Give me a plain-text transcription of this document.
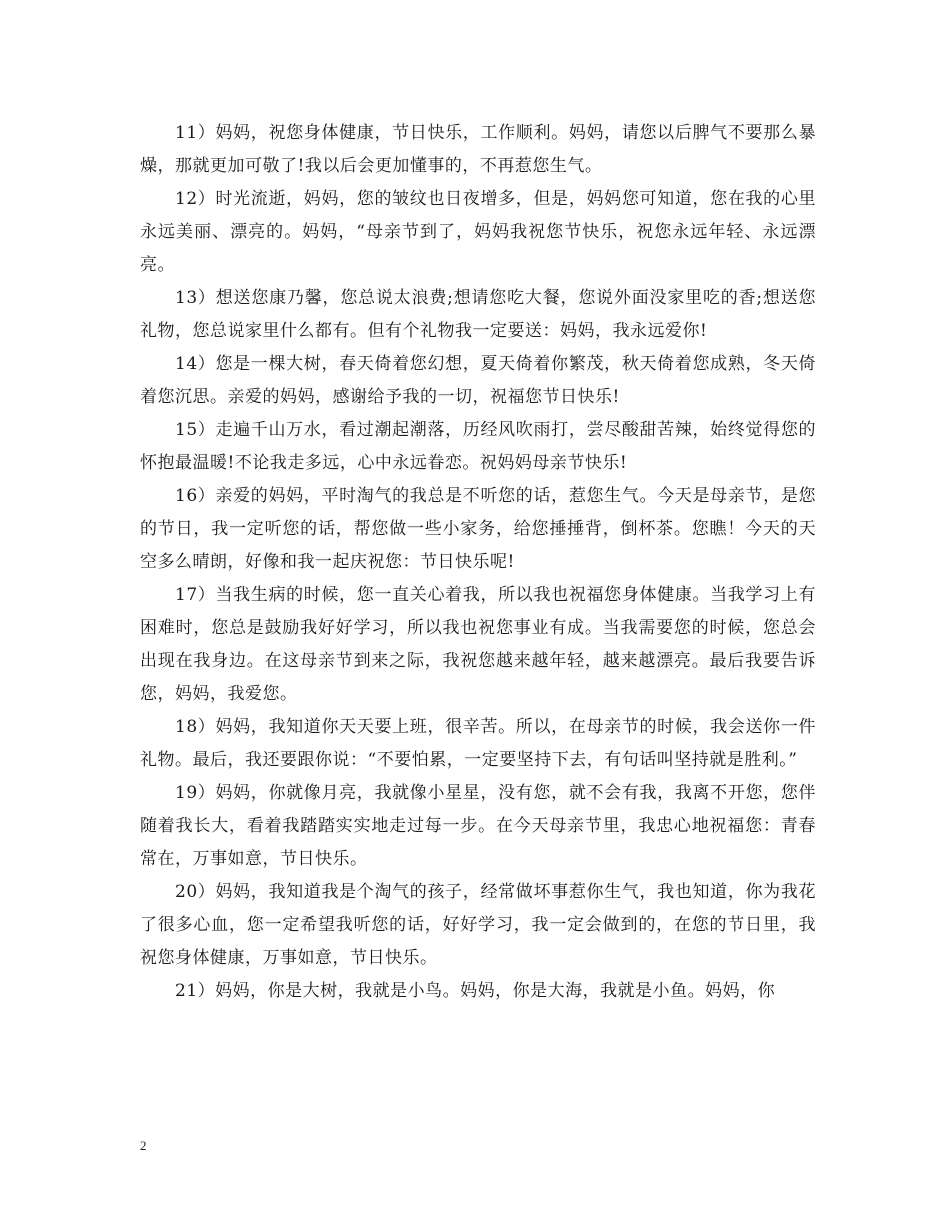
11）妈妈，祝您身体健康，节日快乐，工作顺利。妈妈，请您以后脾气不要那么暴燥，那就更加可敬了!我以后会更加懂事的，不再惹您生气。

12）时光流逝，妈妈，您的皱纹也日夜增多，但是，妈妈您可知道，您在我的心里永远美丽、漂亮的。妈妈，“母亲节到了，妈妈我祝您节快乐，祝您永远年轻、永远漂亮。

13）想送您康乃馨，您总说太浪费;想请您吃大餐，您说外面没家里吃的香;想送您礼物，您总说家里什么都有。但有个礼物我一定要送：妈妈，我永远爱你!

14）您是一棵大树，春天倚着您幻想，夏天倚着你繁茂，秋天倚着您成熟，冬天倚着您沉思。亲爱的妈妈，感谢给予我的一切，祝福您节日快乐!

15）走遍千山万水，看过潮起潮落，历经风吹雨打，尝尽酸甜苦辣，始终觉得您的怀抱最温暖!不论我走多远，心中永远眷恋。祝妈妈母亲节快乐!

16）亲爱的妈妈，平时淘气的我总是不听您的话，惹您生气。今天是母亲节，是您的节日，我一定听您的话，帮您做一些小家务，给您捶捶背，倒杯茶。您瞧！今天的天空多么晴朗，好像和我一起庆祝您：节日快乐呢!

17）当我生病的时候，您一直关心着我，所以我也祝福您身体健康。当我学习上有困难时，您总是鼓励我好好学习，所以我也祝您事业有成。当我需要您的时候，您总会出现在我身边。在这母亲节到来之际，我祝您越来越年轻，越来越漂亮。最后我要告诉您，妈妈，我爱您。

18）妈妈，我知道你天天要上班，很辛苦。所以，在母亲节的时候，我会送你一件礼物。最后，我还要跟你说：“不要怕累，一定要坚持下去，有句话叫坚持就是胜利。”

19）妈妈，你就像月亮，我就像小星星，没有您，就不会有我，我离不开您，您伴随着我长大，看着我踏踏实实地走过每一步。在今天母亲节里，我忠心地祝福您：青春常在，万事如意，节日快乐。

20）妈妈，我知道我是个淘气的孩子，经常做坏事惹你生气，我也知道，你为我花了很多心血，您一定希望我听您的话，好好学习，我一定会做到的，在您的节日里，我祝您身体健康，万事如意，节日快乐。

21）妈妈，你是大树，我就是小鸟。妈妈，你是大海，我就是小鱼。妈妈，你

2
